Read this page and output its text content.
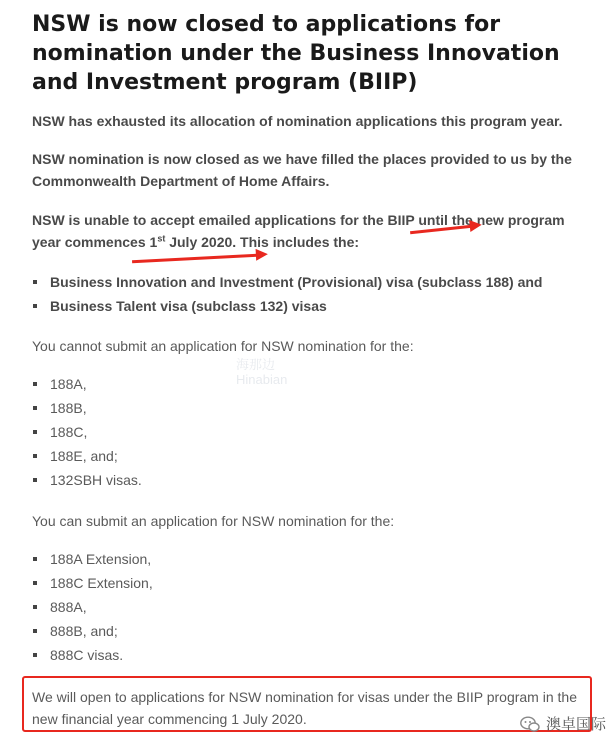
NSW is now closed to applications for nomination under the Business Innovation and Investment program (BIIP)

NSW has exhausted its allocation of nomination applications this program year.

NSW nomination is now closed as we have filled the places provided to us by the Commonwealth Department of Home Affairs.

NSW is unable to accept emailed applications for the BIIP until the new program year commences 1st July 2020. This includes the:

Business Innovation and Investment (Provisional) visa (subclass 188) and
Business Talent visa (subclass 132) visas

You cannot submit an application for NSW nomination for the:

海那边
Hinabian
188A,
188B,
188C,
188E, and;
132SBH visas.

You can submit an application for NSW nomination for the:

188A Extension,
188C Extension,
888A,
888B, and;
888C visas.

We will open to applications for NSW nomination for visas under the BIIP program in the new financial year commencing 1 July 2020.	澳卓国际
